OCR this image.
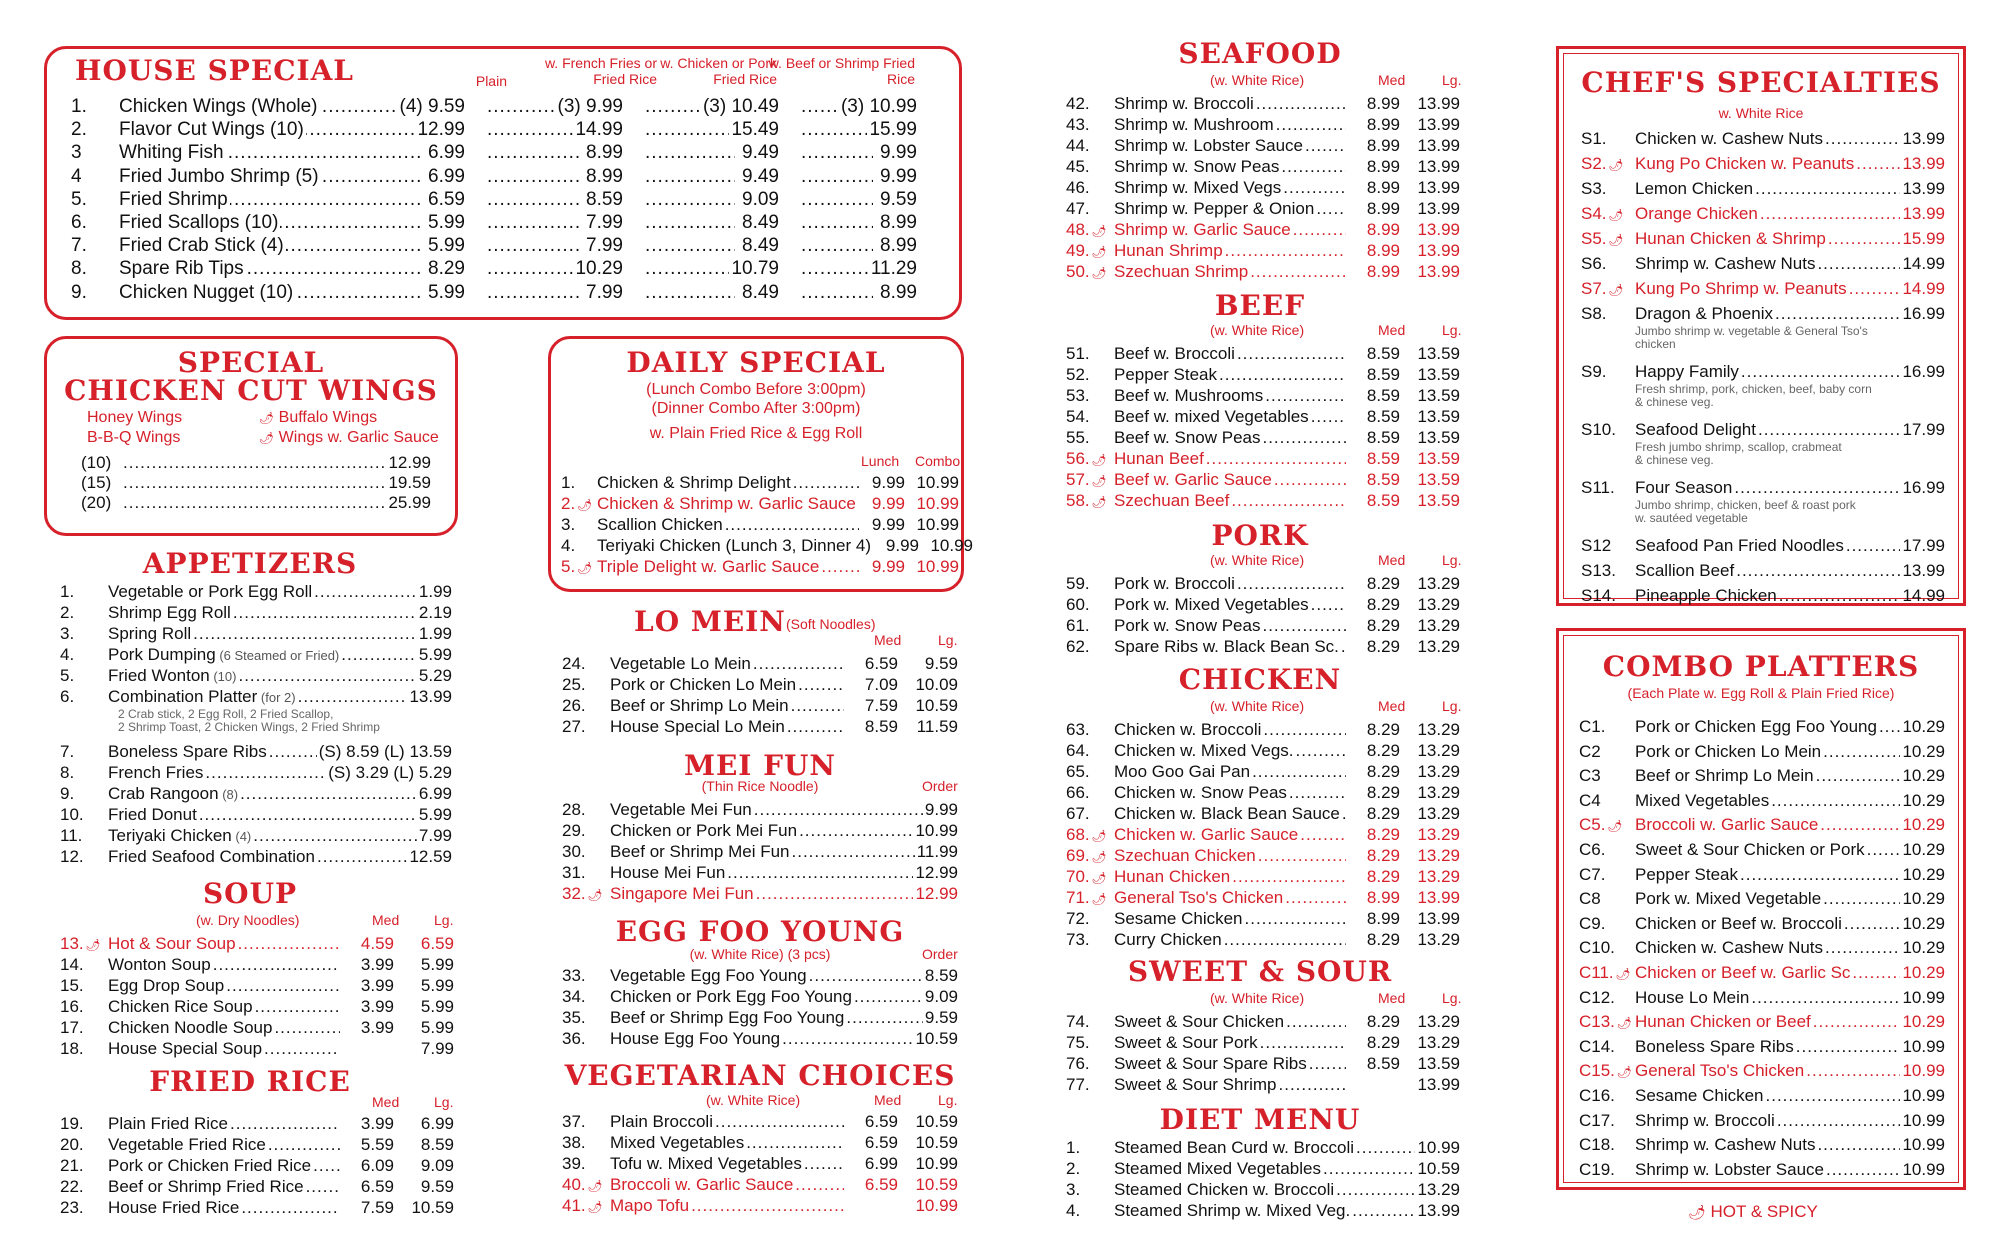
HOUSE SPECIAL	Plain
w. French Fries or Fried Rice
w. Chicken or Pork Fried Rice
w. Beef or Shrimp Fried Rice
1.	Chicken Wings (Whole) .....	(4) 9.59 .....	(3) 9.99 .....	(3) 10.49 .....	(3) 10.99
2.	Flavor Cut Wings (10) .....	12.99 .....	14.99 .....	15.49 .....	15.99
3	Whiting Fish .....	6.99 .....	8.99 .....	9.49 .....	9.99
4	Fried Jumbo Shrimp (5) .....	6.99 .....	8.99 .....	9.49 .....	9.99
5.	Fried Shrimp .....	6.59 .....	8.59 .....	9.09 .....	9.59
6.	Fried Scallops (10) .....	5.99 .....	7.99 .....	8.49 .....	8.99
7.	Fried Crab Stick (4) .....	5.99 .....	7.99 .....	8.49 .....	8.99
8.	Spare Rib Tips .....	8.29 .....	10.29 .....	10.79 .....	11.29
9.	Chicken Nugget (10) .....	5.99 .....	7.99 .....	8.49 .....	8.99
SPECIAL
CHICKEN CUT WINGS
Honey Wings	🌶︎ Buffalo Wings
B-B-Q Wings	🌶︎ Wings w. Garlic Sauce
(10) .....	12.99
(15) .....	19.59
(20) .....	25.99
APPETIZERS
1.	Vegetable or Pork Egg Roll .....	1.99
2.	Shrimp Egg Roll .....	2.19
3.	Spring Roll .....	1.99
4.	Pork Dumping (6 Steamed or Fried) .....	5.99
5.	Fried Wonton (10) .....	5.29
6.	Combination Platter (for 2) .....	13.99
2 Crab stick, 2 Egg Roll, 2 Fried Scallop,
2 Shrimp Toast, 2 Chicken Wings, 2 Fried Shrimp
7.	Boneless Spare Ribs .....	(S) 8.59 (L) 13.59
8.	French Fries .....	(S) 3.29 (L) 5.29
9.	Crab Rangoon (8) .....	6.99
10.	Fried Donut .....	5.99
11.	Teriyaki Chicken (4) .....	7.99
12.	Fried Seafood Combination .....	12.59
SOUP
(w. Dry Noodles)	Med Lg.
13. 🌶︎ Hot & Sour Soup .....	4.59	6.59
14.	Wonton Soup .....	3.99	5.99
15.	Egg Drop Soup .....	3.99	5.99
16.	Chicken Rice Soup .....	3.99	5.99
17.	Chicken Noodle Soup .....	3.99	5.99
18.	House Special Soup .....	7.99
FRIED RICE
Med Lg.
19.	Plain Fried Rice .....	3.99	6.99
20.	Vegetable Fried Rice .....	5.59	8.59
21.	Pork or Chicken Fried Rice .....	6.09	9.09
22.	Beef or Shrimp Fried Rice .....	6.59	9.59
23.	House Fried Rice .....	7.59	10.59
DAILY SPECIAL
(Lunch Combo Before 3:00pm)
(Dinner Combo After 3:00pm)
w. Plain Fried Rice & Egg Roll
Lunch Combo
1.	Chicken & Shrimp Delight .....	9.99 10.99
2. 🌶︎ Chicken & Shrimp w. Garlic Sauce ..... 9.99 10.99
3.	Scallion Chicken .....	9.99 10.99
4.	Teriyaki Chicken (Lunch 3, Dinner 4) 9.99 10.99
5. 🌶︎ Triple Delight w. Garlic Sauce .....	9.99 10.99
LO MEIN (Soft Noodles)
Med	Lg.
24.	Vegetable Lo Mein .....	6.59	9.59
25.	Pork or Chicken Lo Mein .....	7.09	10.09
26.	Beef or Shrimp Lo Mein .....	7.59	10.59
27.	House Special Lo Mein .....	8.59	11.59
MEI FUN
(Thin Rice Noodle)	Order
28.	Vegetable Mei Fun .....	9.99
29.	Chicken or Pork Mei Fun .....	10.99
30.	Beef or Shrimp Mei Fun .....	11.99
31.	House Mei Fun .....	12.99
32. 🌶︎ Singapore Mei Fun .....	12.99
EGG FOO YOUNG
(w. White Rice) (3 pcs)	Order
33.	Vegetable Egg Foo Young .....	8.59
34.	Chicken or Pork Egg Foo Young .....	9.09
35.	Beef or Shrimp Egg Foo Young .....	9.59
36.	House Egg Foo Young .....	10.59
VEGETARIAN CHOICES
(w. White Rice)	Med	Lg.
37.	Plain Broccoli .....	6.59	10.59
38.	Mixed Vegetables .....	6.59	10.59
39.	Tofu w. Mixed Vegetables .....	6.99	10.99
40. 🌶︎ Broccoli w. Garlic Sauce .....	6.59	10.59
41. 🌶︎ Mapo Tofu .....	10.99
SEAFOOD
(w. White Rice)	Med	Lg.
42.	Shrimp w. Broccoli .....	8.99	13.99
43.	Shrimp w. Mushroom .....	8.99	13.99
44.	Shrimp w. Lobster Sauce .....	8.99	13.99
45.	Shrimp w. Snow Peas .....	8.99	13.99
46.	Shrimp w. Mixed Vegs .....	8.99	13.99
47.	Shrimp w. Pepper & Onion .....	8.99	13.99
48. 🌶︎ Shrimp w. Garlic Sauce .....	8.99	13.99
49. 🌶︎ Hunan Shrimp .....	8.99	13.99
50. 🌶︎ Szechuan Shrimp .....	8.99	13.99
BEEF
(w. White Rice)	Med	Lg.
51.	Beef w. Broccoli .....	8.59	13.59
52.	Pepper Steak .....	8.59	13.59
53.	Beef w. Mushrooms .....	8.59	13.59
54.	Beef w. mixed Vegetables .....	8.59	13.59
55.	Beef w. Snow Peas .....	8.59	13.59
56. 🌶︎ Hunan Beef .....	8.59	13.59
57. 🌶︎ Beef w. Garlic Sauce .....	8.59	13.59
58. 🌶︎ Szechuan Beef .....	8.59	13.59
PORK
(w. White Rice)	Med	Lg.
59.	Pork w. Broccoli .....	8.29	13.29
60.	Pork w. Mixed Vegetables .....	8.29	13.29
61.	Pork w. Snow Peas .....	8.29	13.29
62.	Spare Ribs w. Black Bean Sc. .....	8.29	13.29
CHICKEN
(w. White Rice)	Med	Lg.
63.	Chicken w. Broccoli .....	8.29	13.29
64.	Chicken w. Mixed Vegs. .....	8.29	13.29
65.	Moo Goo Gai Pan .....	8.29	13.29
66.	Chicken w. Snow Peas .....	8.29	13.29
67.	Chicken w. Black Bean Sauce .....	8.29	13.29
68. 🌶︎ Chicken w. Garlic Sauce .....	8.29	13.29
69. 🌶︎ Szechuan Chicken .....	8.29	13.29
70. 🌶︎ Hunan Chicken .....	8.29	13.29
71. 🌶︎ General Tso's Chicken .....	8.99	13.99
72.	Sesame Chicken .....	8.99	13.99
73.	Curry Chicken .....	8.29	13.29
SWEET & SOUR
(w. White Rice)	Med	Lg.
74.	Sweet & Sour Chicken .....	8.29	13.29
75.	Sweet & Sour Pork .....	8.29	13.29
76.	Sweet & Sour Spare Ribs .....	8.59	13.59
77.	Sweet & Sour Shrimp .....	13.99
DIET MENU
1.	Steamed Bean Curd w. Broccoli .....	10.99
2.	Steamed Mixed Vegetables .....	10.59
3.	Steamed Chicken w. Broccoli .....	13.29
4.	Steamed Shrimp w. Mixed Veg. .....	13.99
CHEF'S SPECIALTIES
w. White Rice
S1.	Chicken w. Cashew Nuts .....	13.99
S2. 🌶︎ Kung Po Chicken w. Peanuts .....	13.99
S3.	Lemon Chicken .....	13.99
S4. 🌶︎ Orange Chicken .....	13.99
S5. 🌶︎ Hunan Chicken & Shrimp .....	15.99
S6.	Shrimp w. Cashew Nuts .....	14.99
S7. 🌶︎ Kung Po Shrimp w. Peanuts .....	14.99
S8.	Dragon & Phoenix .....	16.99
Jumbo shrimp w. vegetable & General Tso's
chicken
S9.	Happy Family .....	16.99
Fresh shrimp, pork, chicken, beef, baby corn
& chinese veg.
S10.	Seafood Delight .....	17.99
Fresh jumbo shrimp, scallop, crabmeat
& chinese veg.
S11.	Four Season .....	16.99
Jumbo shrimp, chicken, beef & roast pork
w. sautéed vegetable
S12	Seafood Pan Fried Noodles .....	17.99
S13.	Scallion Beef .....	13.99
S14.	Pineapple Chicken .....	14.99
COMBO PLATTERS
(Each Plate w. Egg Roll & Plain Fried Rice)
C1.	Pork or Chicken Egg Foo Young ..... 10.29
C2	Pork or Chicken Lo Mein .....	10.29
C3	Beef or Shrimp Lo Mein .....	10.29
C4	Mixed Vegetables .....	10.29
C5. 🌶︎ Broccoli w. Garlic Sauce .....	10.29
C6.	Sweet & Sour Chicken or Pork ..... 10.29
C7.	Pepper Steak .....	10.29
C8	Pork w. Mixed Vegetable .....	10.29
C9.	Chicken or Beef w. Broccoli .....	10.29
C10.	Chicken w. Cashew Nuts .....	10.29
C11. 🌶︎ Chicken or Beef w. Garlic Sc .....	10.29
C12.	House Lo Mein .....	10.99
C13. 🌶︎ Hunan Chicken or Beef .....	10.29
C14.	Boneless Spare Ribs .....	10.99
C15. 🌶︎ General Tso's Chicken .....	10.99
C16.	Sesame Chicken .....	10.99
C17.	Shrimp w. Broccoli .....	10.99
C18.	Shrimp w. Cashew Nuts .....	10.99
C19.	Shrimp w. Lobster Sauce .....	10.99
🌶︎ HOT & SPICY
